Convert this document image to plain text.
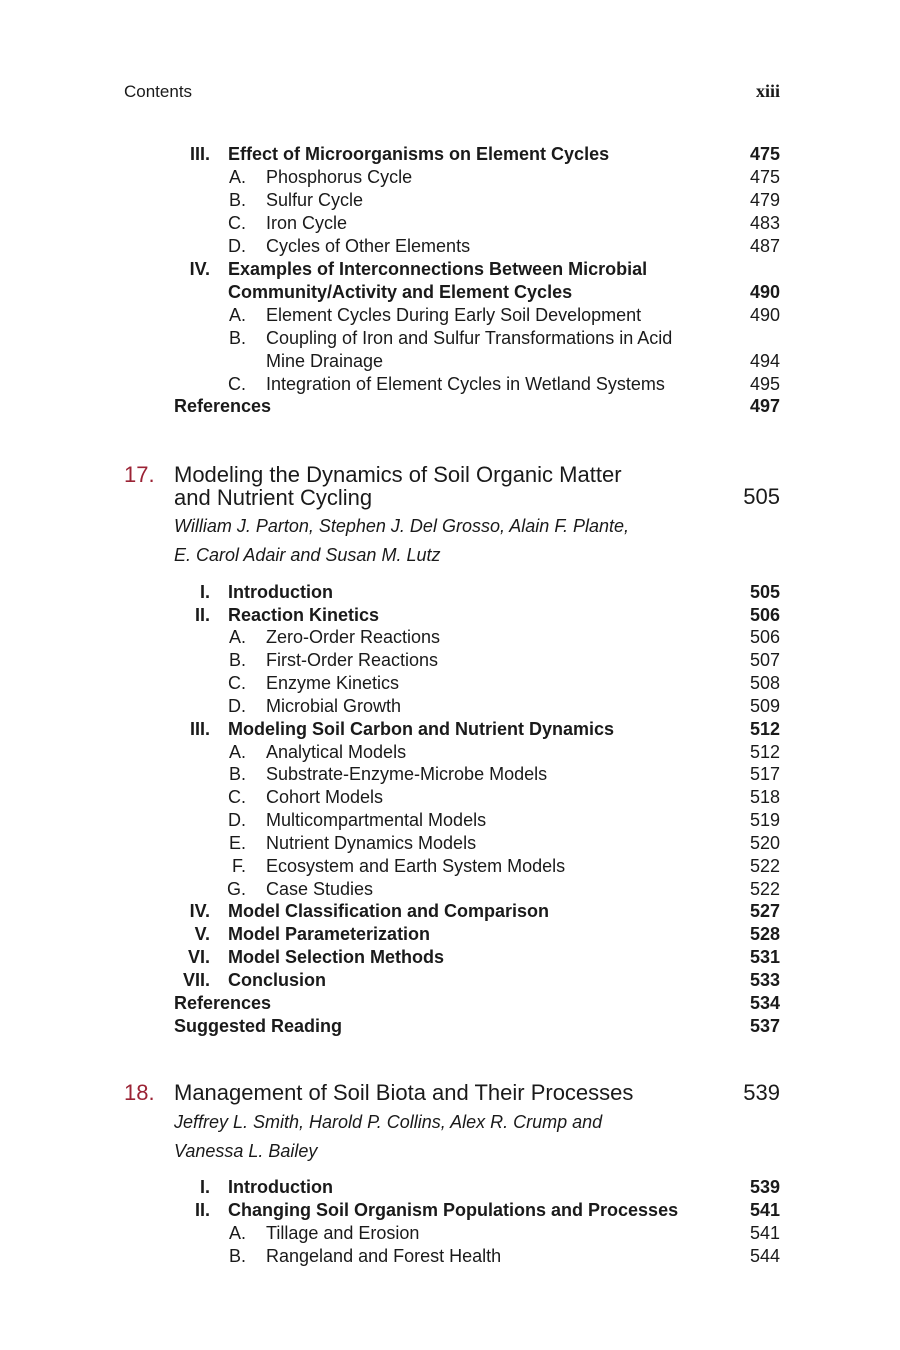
Contents	xiii
III. Effect of Microorganisms on Element Cycles	475
A. Phosphorus Cycle	475
B. Sulfur Cycle	479
C. Iron Cycle	483
D. Cycles of Other Elements	487
IV. Examples of Interconnections Between Microbial
Community/Activity and Element Cycles	490
A. Element Cycles During Early Soil Development	490
B. Coupling of Iron and Sulfur Transformations in Acid
Mine Drainage	494
C. Integration of Element Cycles in Wetland Systems	495
References	497
17. Modeling the Dynamics of Soil Organic Matter
and Nutrient Cycling	505
William J. Parton, Stephen J. Del Grosso, Alain F. Plante,
E. Carol Adair and Susan M. Lutz
I. Introduction	505
II. Reaction Kinetics	506
A. Zero-Order Reactions	506
B. First-Order Reactions	507
C. Enzyme Kinetics	508
D. Microbial Growth	509
III. Modeling Soil Carbon and Nutrient Dynamics	512
A. Analytical Models	512
B. Substrate-Enzyme-Microbe Models	517
C. Cohort Models	518
D. Multicompartmental Models	519
E. Nutrient Dynamics Models	520
F. Ecosystem and Earth System Models	522
G. Case Studies	522
IV. Model Classification and Comparison	527
V. Model Parameterization	528
VI. Model Selection Methods	531
VII. Conclusion	533
References	534
Suggested Reading	537
18. Management of Soil Biota and Their Processes	539
Jeffrey L. Smith, Harold P. Collins, Alex R. Crump and
Vanessa L. Bailey
I. Introduction	539
II. Changing Soil Organism Populations and Processes	541
A. Tillage and Erosion	541
B. Rangeland and Forest Health	544
